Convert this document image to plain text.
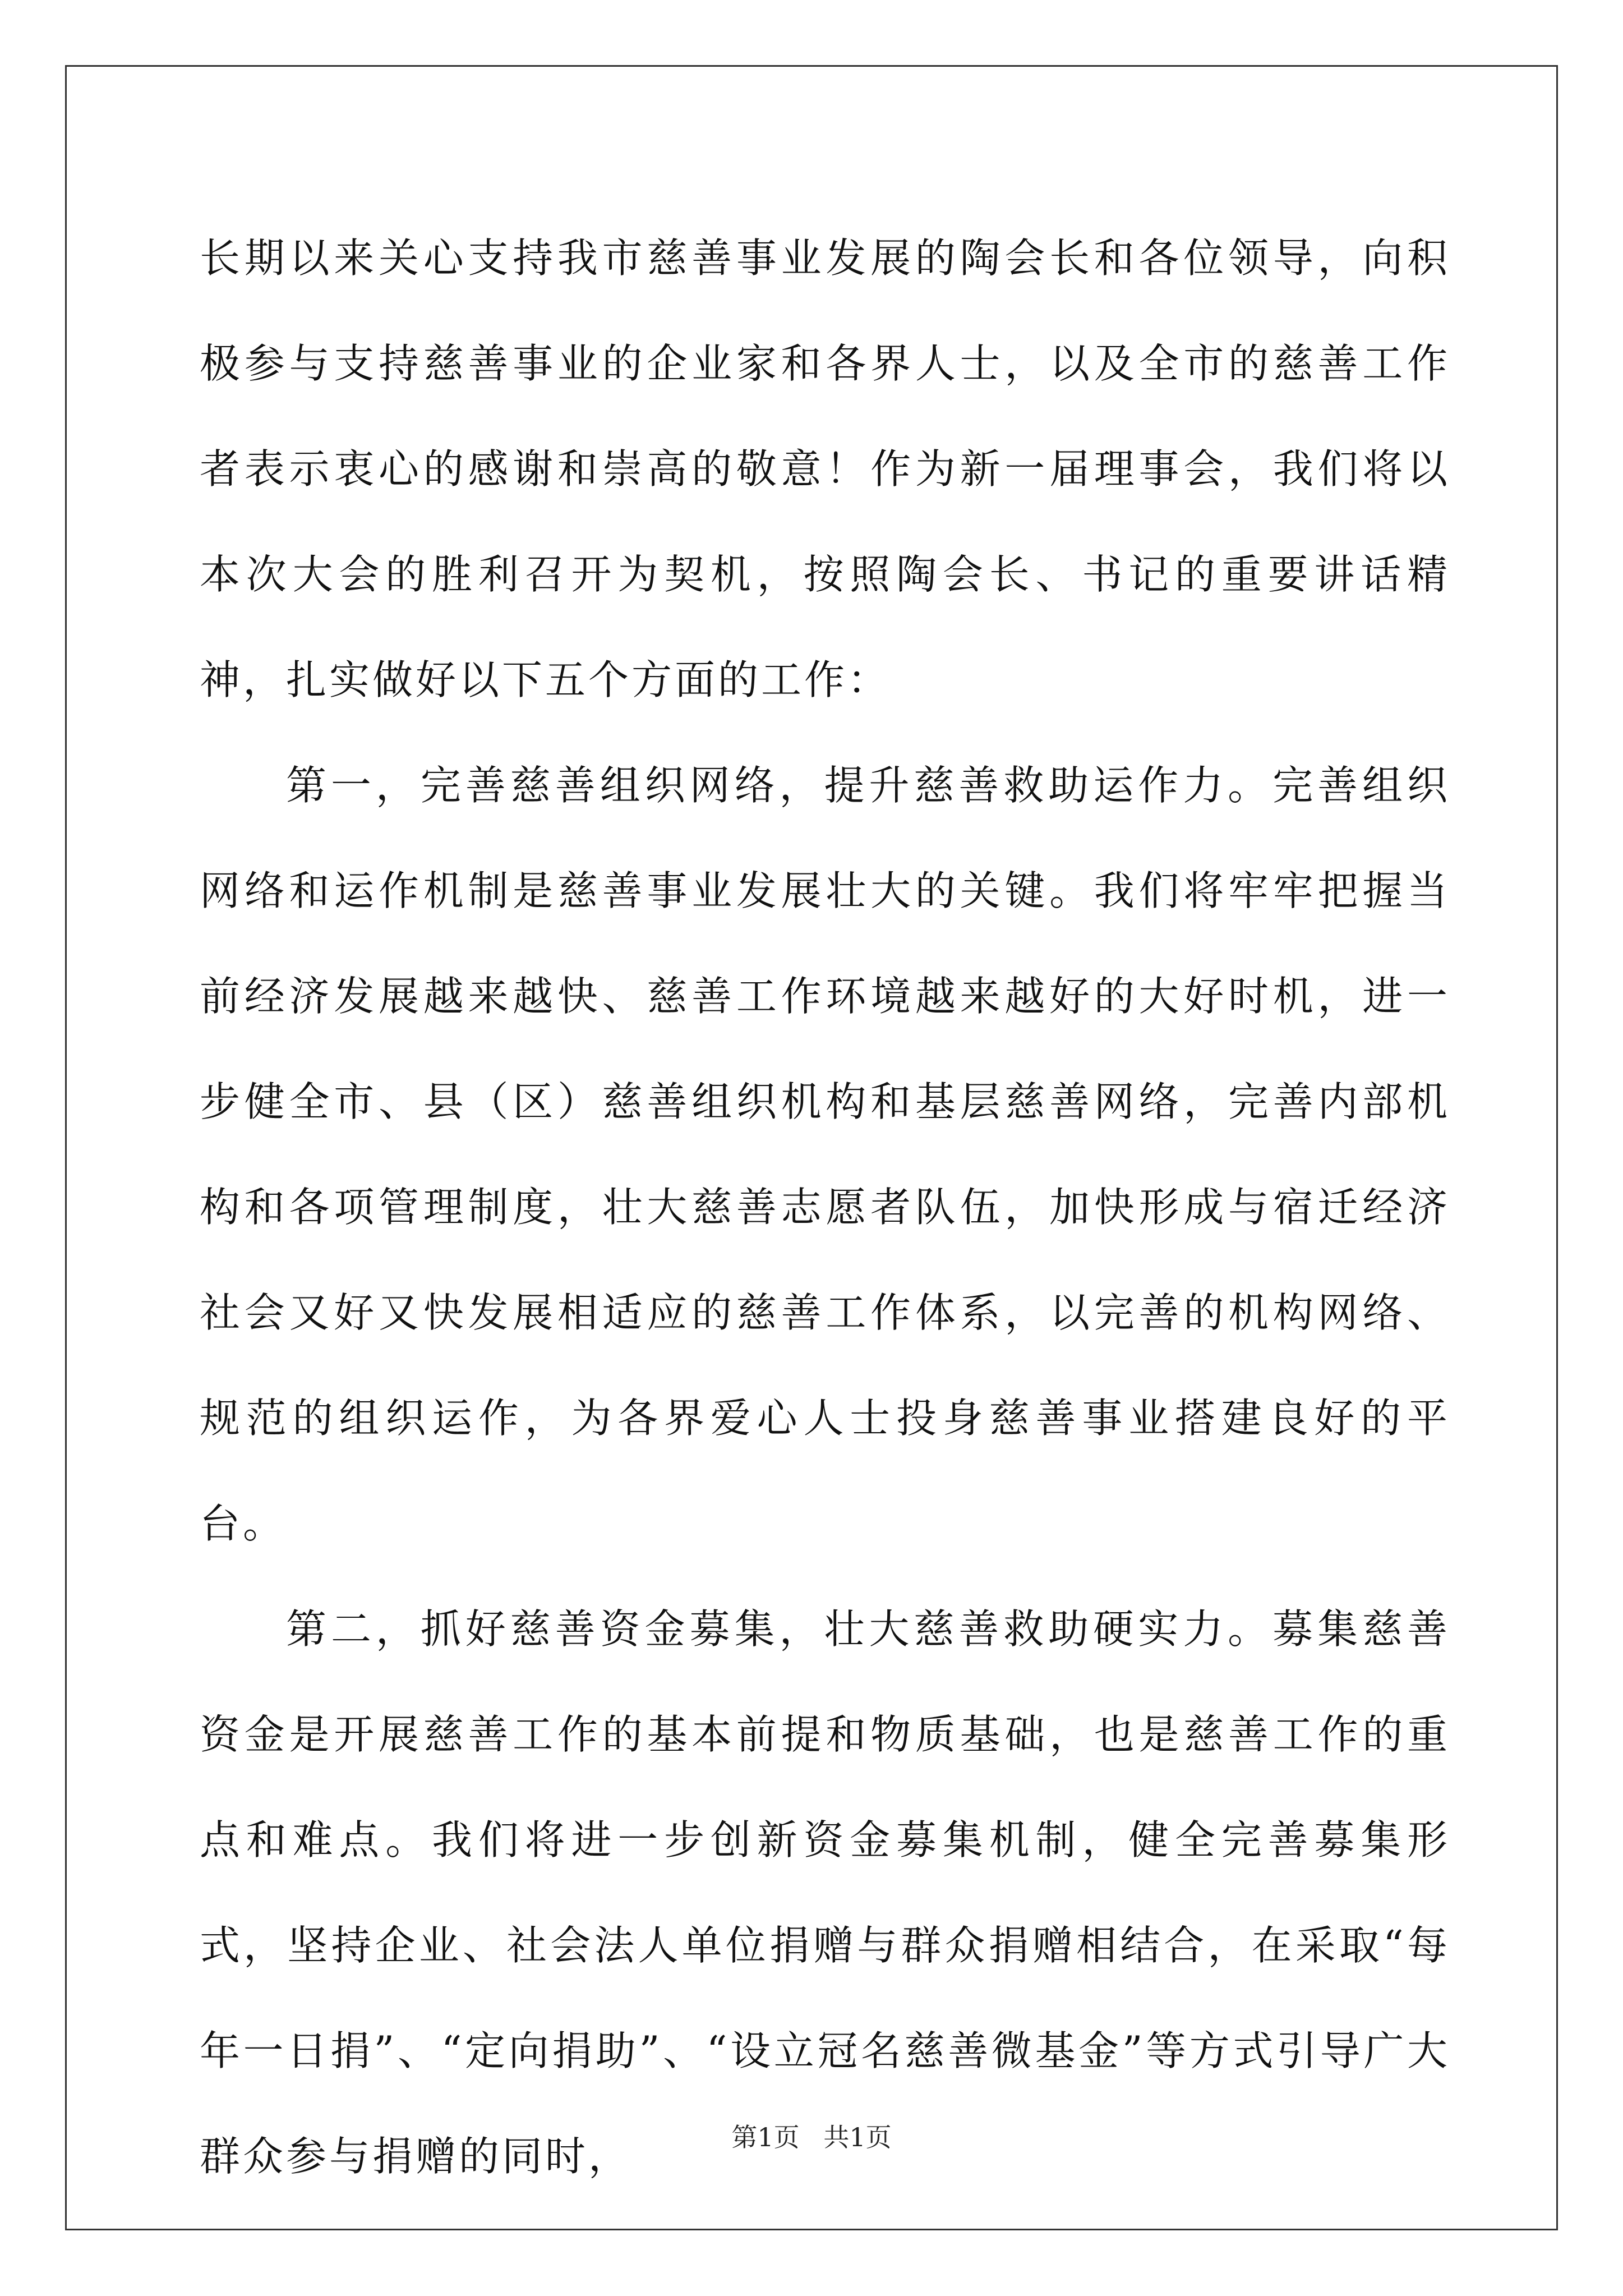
长期以来关心支持我市慈善事业发展的陶会长和各位领导，向积极参与支持慈善事业的企业家和各界人士，以及全市的慈善工作者表示衷心的感谢和崇高的敬意！作为新一届理事会，我们将以本次大会的胜利召开为契机，按照陶会长、书记的重要讲话精神，扎实做好以下五个方面的工作：

第一，完善慈善组织网络，提升慈善救助运作力。完善组织网络和运作机制是慈善事业发展壮大的关键。我们将牢牢把握当前经济发展越来越快、慈善工作环境越来越好的大好时机，进一步健全市、县（区）慈善组织机构和基层慈善网络，完善内部机构和各项管理制度，壮大慈善志愿者队伍，加快形成与宿迁经济社会又好又快发展相适应的慈善工作体系，以完善的机构网络、规范的组织运作，为各界爱心人士投身慈善事业搭建良好的平台。

第二，抓好慈善资金募集，壮大慈善救助硬实力。募集慈善资金是开展慈善工作的基本前提和物质基础，也是慈善工作的重点和难点。我们将进一步创新资金募集机制，健全完善募集形式，坚持企业、社会法人单位捐赠与群众捐赠相结合，在采取“每年一日捐”、“定向捐助”、“设立冠名慈善微基金”等方式引导广大群众参与捐赠的同时，	第1页 共1页
